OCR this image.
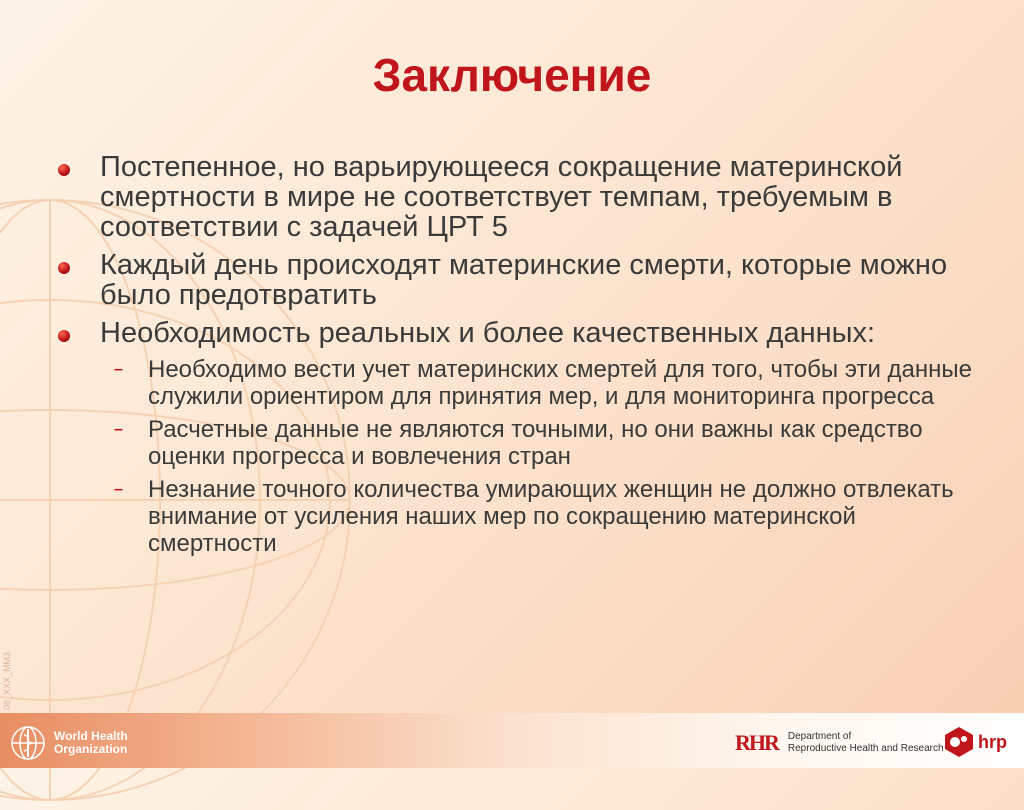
08_XXX_MM3
Заключение
Постепенное, но варьирующееся сокращение материнской смертности в мире не соответствует темпам, требуемым в соответствии с задачей ЦРТ 5
Каждый день происходят материнские смерти, которые можно было предотвратить
Необходимость реальных и более качественных данных:
–	Необходимо вести учет материнских смертей для того, чтобы эти данные служили ориентиром для принятия мер, и для мониторинга прогресса
–	Расчетные данные не являются точными, но они важны как средство оценки прогресса и вовлечения стран
–	Незнание точного количества умирающих женщин не должно отвлекать внимание от усиления наших мер по сокращению материнской смертности
World Health
Organization	RHR Department of
Reproductive Health and Research hrp
